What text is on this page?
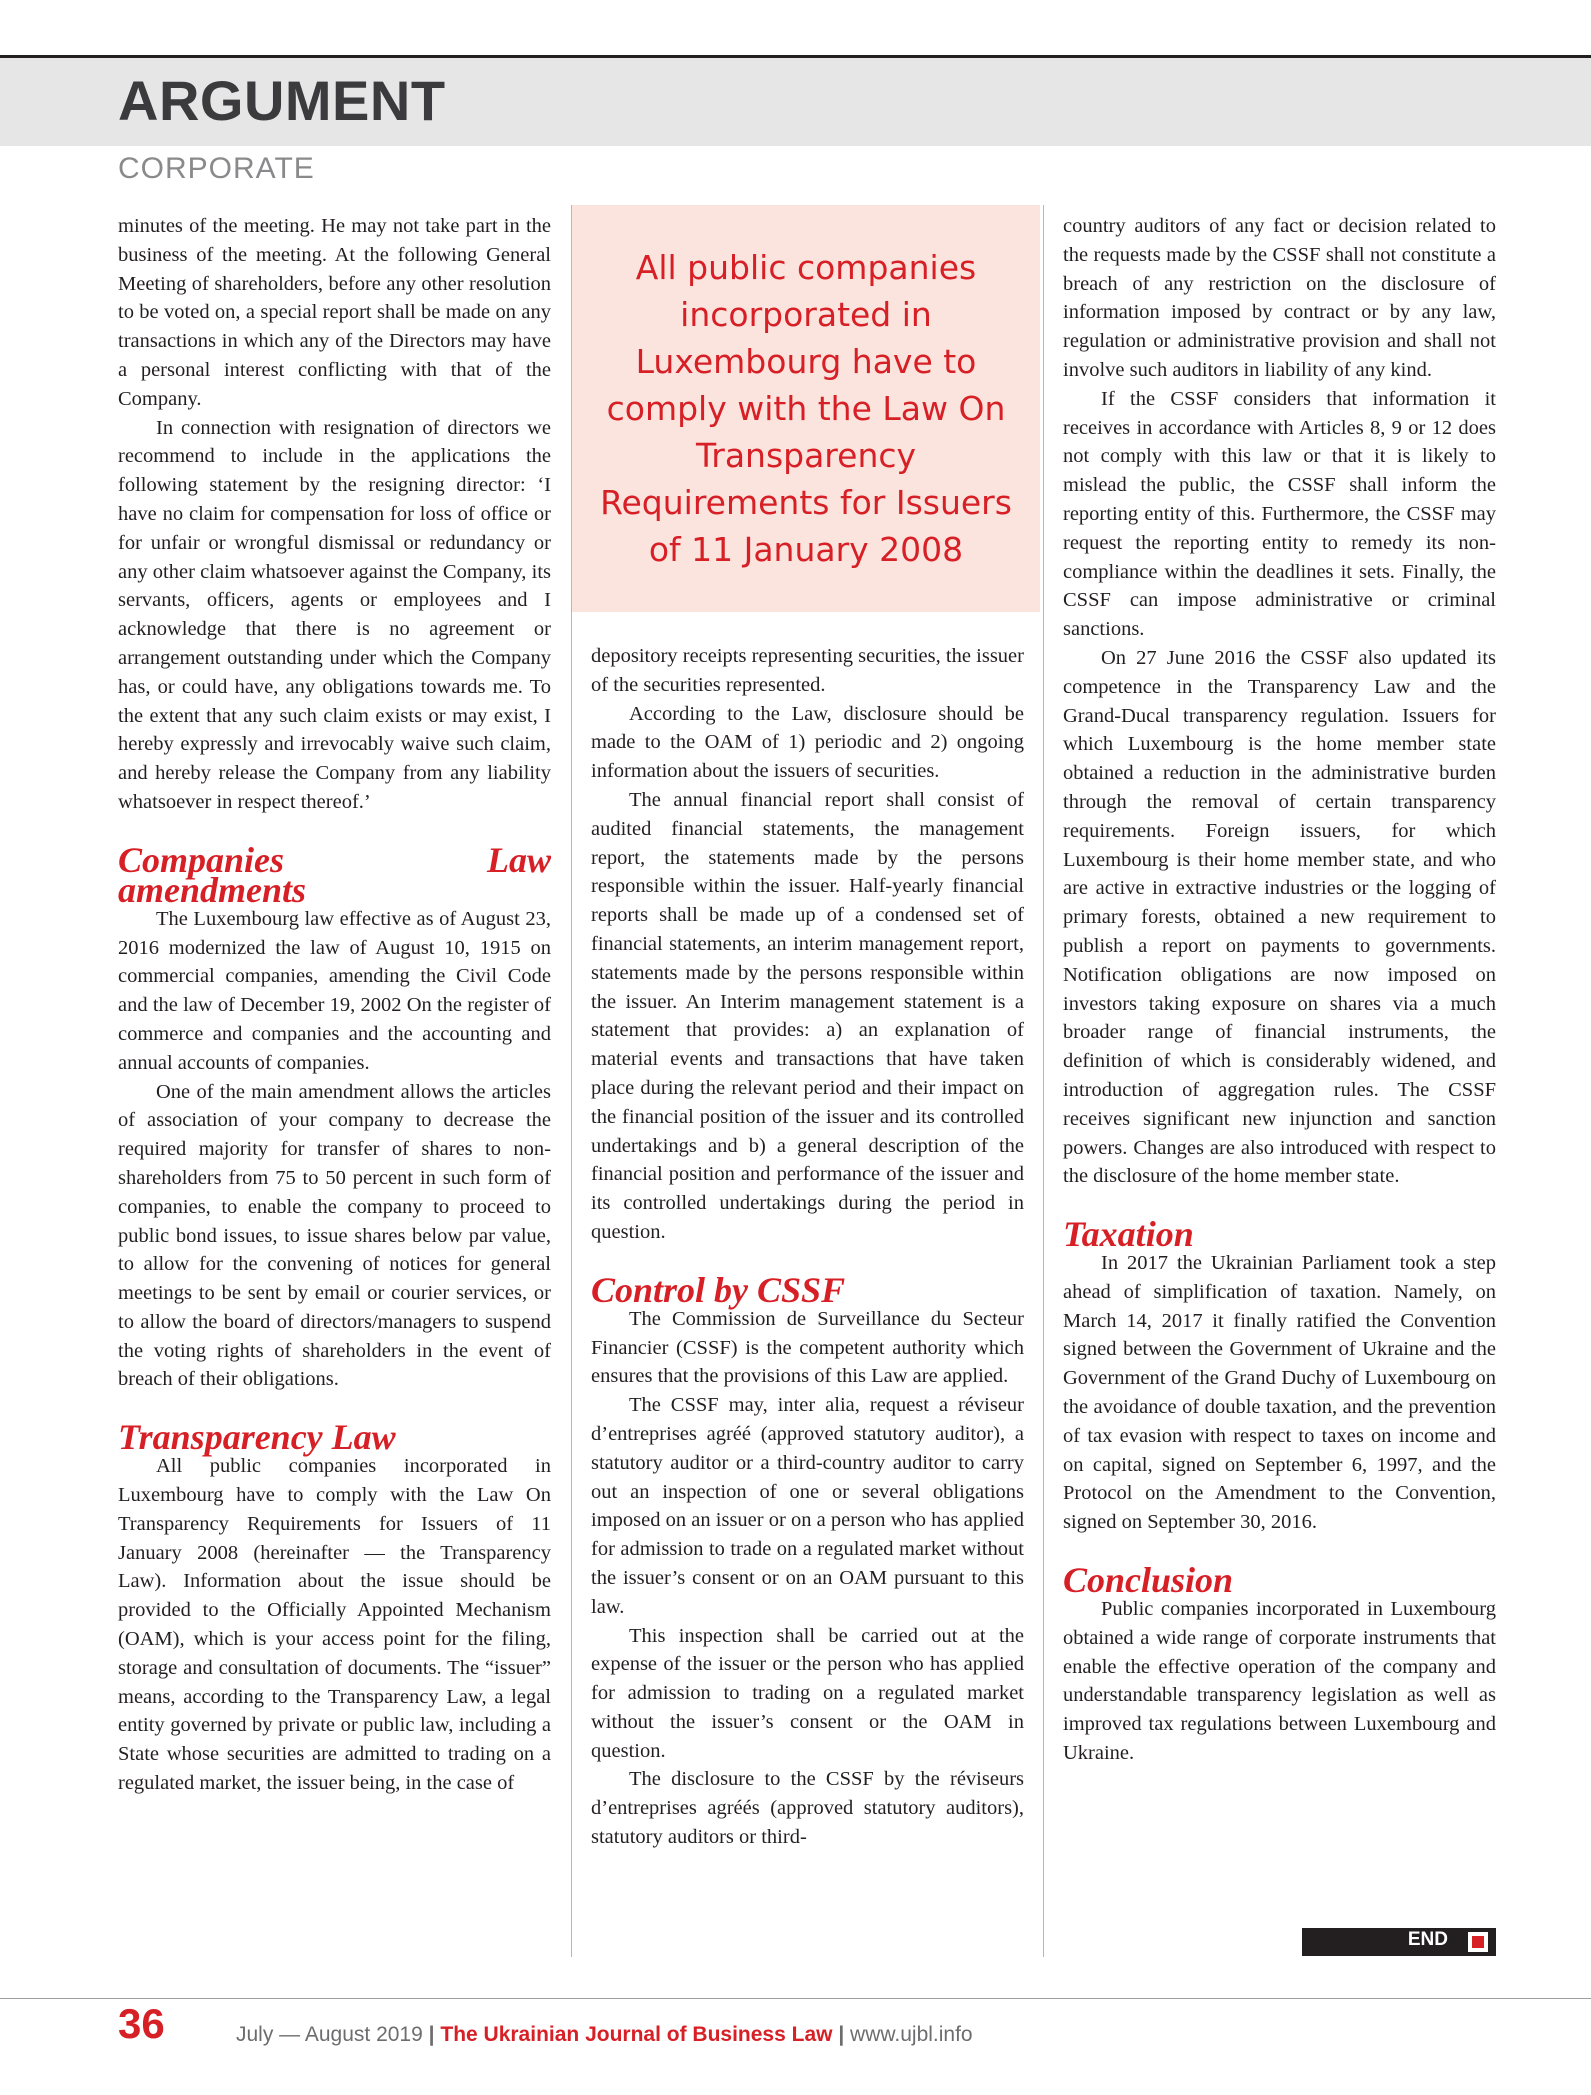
ARGUMENT
CORPORATE

minutes of the meeting. He may not take part in the business of the meeting. At the following General Meeting of shareholders, before any other resolution to be voted on, a special report shall be made on any transactions in which any of the Directors may have a personal interest conflicting with that of the Company.

In connection with resignation of directors we recommend to include in the applications the following statement by the resigning director: ‘I have no claim for compensation for loss of office or for unfair or wrongful dismissal or redundancy or any other claim whatsoever against the Company, its servants, officers, agents or employees and I acknowledge that there is no agreement or arrangement outstanding under which the Company has, or could have, any obligations towards me. To the extent that any such claim exists or may exist, I hereby expressly and irrevocably waive such claim, and hereby release the Company from any liability whatsoever in respect thereof.’

Companies Law amendments

The Luxembourg law effective as of August 23, 2016 modernized the law of August 10, 1915 on commercial companies, amending the Civil Code and the law of December 19, 2002 On the register of commerce and companies and the accounting and annual accounts of companies.

One of the main amendment allows the articles of association of your company to decrease the required majority for transfer of shares to non-shareholders from 75 to 50 percent in such form of companies, to enable the company to proceed to public bond issues, to issue shares below par value, to allow for the convening of notices for general meetings to be sent by email or courier services, or to allow the board of directors/managers to suspend the voting rights of shareholders in the event of breach of their obligations.

Transparency Law

All public companies incorporated in Luxembourg have to comply with the Law On Transparency Requirements for Issuers of 11 January 2008 (hereinafter — the Transparency Law). Information about the issue should be provided to the Officially Appointed Mechanism (OAM), which is your access point for the filing, storage and consultation of documents. The “issuer” means, according to the Transparency Law, a legal entity governed by private or public law, including a State whose securities are admitted to trading on a regulated market, the issuer being, in the case of

All public companies incorporated in Luxembourg have to comply with the Law On Transparency Requirements for Issuers of 11 January 2008

depository receipts representing securities, the issuer of the securities represented.

According to the Law, disclosure should be made to the OAM of 1) periodic and 2) ongoing information about the issuers of securities.

The annual financial report shall consist of audited financial statements, the management report, the statements made by the persons responsible within the issuer. Half-yearly financial reports shall be made up of a condensed set of financial statements, an interim management report, statements made by the persons responsible within the issuer. An Interim management statement is a statement that provides: a) an explanation of material events and transactions that have taken place during the relevant period and their impact on the financial position of the issuer and its controlled undertakings and b) a general description of the financial position and performance of the issuer and its controlled undertakings during the period in question.

Control by CSSF

The Commission de Surveillance du Secteur Financier (CSSF) is the competent authority which ensures that the provisions of this Law are applied.

The CSSF may, inter alia, request a réviseur d’entreprises agréé (approved statutory auditor), a statutory auditor or a third-country auditor to carry out an inspection of one or several obligations imposed on an issuer or on a person who has applied for admission to trade on a regulated market without the issuer’s consent or on an OAM pursuant to this law.

This inspection shall be carried out at the expense of the issuer or the person who has applied for admission to trading on a regulated market without the issuer’s consent or the OAM in question.

The disclosure to the CSSF by the réviseurs d’entreprises agréés (approved statutory auditors), statutory auditors or third-

country auditors of any fact or decision related to the requests made by the CSSF shall not constitute a breach of any restriction on the disclosure of information imposed by contract or by any law, regulation or administrative provision and shall not involve such auditors in liability of any kind.

If the CSSF considers that information it receives in accordance with Articles 8, 9 or 12 does not comply with this law or that it is likely to mislead the public, the CSSF shall inform the reporting entity of this. Furthermore, the CSSF may request the reporting entity to remedy its non-compliance within the deadlines it sets. Finally, the CSSF can impose administrative or criminal sanctions.

On 27 June 2016 the CSSF also updated its competence in the Transparency Law and the Grand-Ducal transparency regulation. Issuers for which Luxembourg is the home member state obtained a reduction in the administrative burden through the removal of certain transparency requirements. Foreign issuers, for which Luxembourg is their home member state, and who are active in extractive industries or the logging of primary forests, obtained a new requirement to publish a report on payments to governments. Notification obligations are now imposed on investors taking exposure on shares via a much broader range of financial instruments, the definition of which is considerably widened, and introduction of aggregation rules. The CSSF receives significant new injunction and sanction powers. Changes are also introduced with respect to the disclosure of the home member state.

Taxation

In 2017 the Ukrainian Parliament took a step ahead of simplification of taxation. Namely, on March 14, 2017 it finally ratified the Convention signed between the Government of Ukraine and the Government of the Grand Duchy of Luxembourg on the avoidance of double taxation, and the prevention of tax evasion with respect to taxes on income and on capital, signed on September 6, 1997, and the Protocol on the Amendment to the Convention, signed on September 30, 2016.

Conclusion

Public companies incorporated in Luxembourg obtained a wide range of corporate instruments that enable the effective operation of the company and understandable transparency legislation as well as improved tax regulations between Luxembourg and Ukraine.

END
36	July — August 2019 | The Ukrainian Journal of Business Law | www.ujbl.info
